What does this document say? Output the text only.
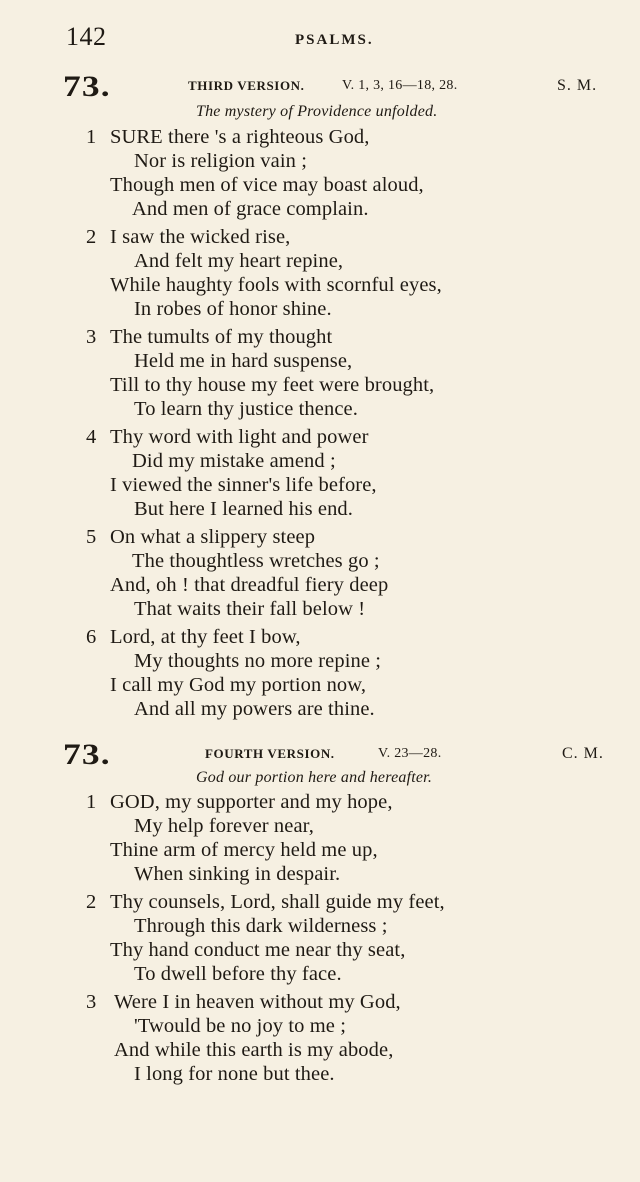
142	PSALMS.
73.	THIRD VERSION.	V. 1, 3, 16—18, 28.	S. M.
The mystery of Providence unfolded.
1 SURE there 's a righteous God,
Nor is religion vain ;
Though men of vice may boast aloud,
And men of grace complain.
2 I saw the wicked rise,
And felt my heart repine,
While haughty fools with scornful eyes,
In robes of honor shine.
3 The tumults of my thought
Held me in hard suspense,
Till to thy house my feet were brought,
To learn thy justice thence.
4 Thy word with light and power
Did my mistake amend ;
I viewed the sinner's life before,
But here I learned his end.
5 On what a slippery steep
The thoughtless wretches go ;
And, oh ! that dreadful fiery deep
That waits their fall below !
6 Lord, at thy feet I bow,
My thoughts no more repine ;
I call my God my portion now,
And all my powers are thine.
73.	FOURTH VERSION.	V. 23—28.	C. M.
God our portion here and hereafter.
1 GOD, my supporter and my hope,
My help forever near,
Thine arm of mercy held me up,
When sinking in despair.
2 Thy counsels, Lord, shall guide my feet,
Through this dark wilderness ;
Thy hand conduct me near thy seat,
To dwell before thy face.
3 Were I in heaven without my God,
'Twould be no joy to me ;
And while this earth is my abode,
I long for none but thee.
